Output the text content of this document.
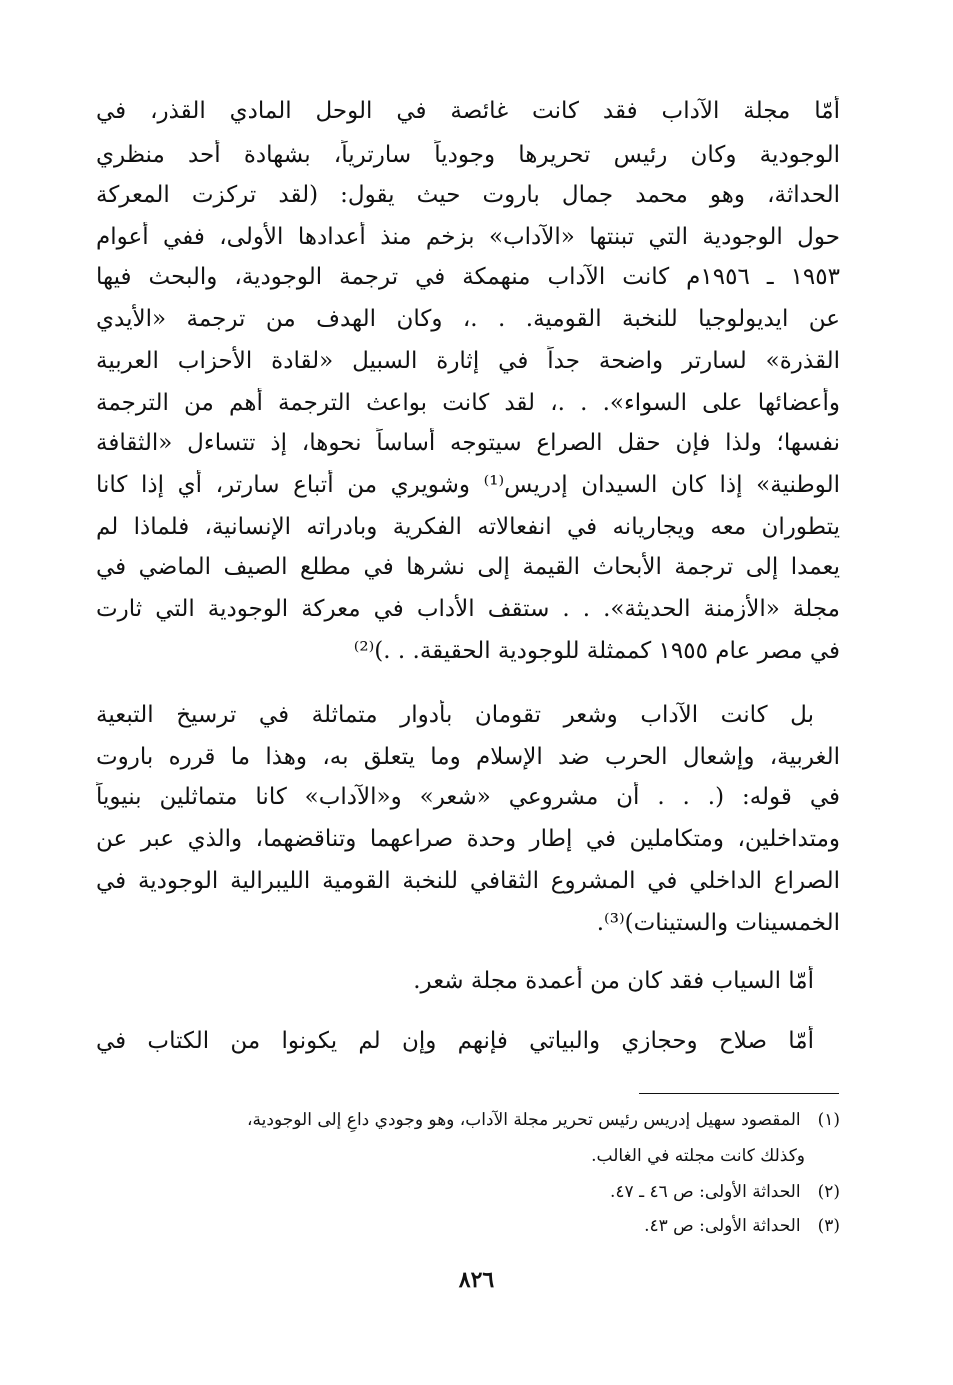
أمّا مجلة الآداب فقد كانت غائصة في الوحل المادي القذر، في
الوجودية وكان رئيس تحريرها وجودياً سارترياً، بشهادة أحد منظري
الحداثة، وهو محمد جمال باروت حيث يقول: (لقد تركزت المعركة
حول الوجودية التي تبنتها «الآداب» بزخم منذ أعدادها الأولى، ففي أعوام
١٩٥٣ ـ ١٩٥٦م كانت الآداب منهمكة في ترجمة الوجودية، والبحث فيها
عن ايديولوجيا للنخبة القومية. . .، وكان الهدف من ترجمة «الأيدي
القذرة» لسارتر واضحة جداً في إثارة السبيل «لقادة الأحزاب العربية
وأعضائها على السواء». . .، لقد كانت بواعث الترجمة أهم من الترجمة
نفسها؛ ولذا فإن حقل الصراع سيتوجه أساساً نحوها، إذ تتساءل «الثقافة
الوطنية» إذا كان السيدان إدريس⁽¹⁾ وشويري من أتباع سارتر، أي إذا كانا
يتطوران معه ويجاريانه في انفعالاته الفكرية وبادراته الإنسانية، فلماذا لم
يعمدا إلى ترجمة الأبحاث القيمة إلى نشرها في مطلع الصيف الماضي في
مجلة «الأزمنة الحديثة». . . ستقف الأداب في معركة الوجودية التي ثارت
في مصر عام ١٩٥٥ كممثلة للوجودية الحقيقة. . .)⁽²⁾
بل كانت الآداب وشعر تقومان بأدوار متماثلة في ترسيخ التبعية
الغربية، وإشعال الحرب ضد الإسلام وما يتعلق به، وهذا ما قرره باروت
في قوله: (. . . أن مشروعي «شعر» و«الآداب» كانا متماثلين بنيوياً
ومتداخلين، ومتكاملين في إطار وحدة صراعهما وتناقضهما، والذي عبر عن
الصراع الداخلي في المشروع الثقافي للنخبة القومية الليبرالية الوجودية في
الخمسينات والستينات)⁽³⁾.
أمّا السياب فقد كان من أعمدة مجلة شعر.
أمّا صلاح وحجازي والبياتي فإنهم وإن لم يكونوا من الكتاب في
(١) المقصود سهيل إدريس رئيس تحرير مجلة الآداب، وهو وجودي داعٍ إلى الوجودية،
وكذلك كانت مجلته في الغالب.
(٢) الحداثة الأولى: ص ٤٦ ـ ٤٧.
(٣) الحداثة الأولى: ص ٤٣.
٨٢٦
